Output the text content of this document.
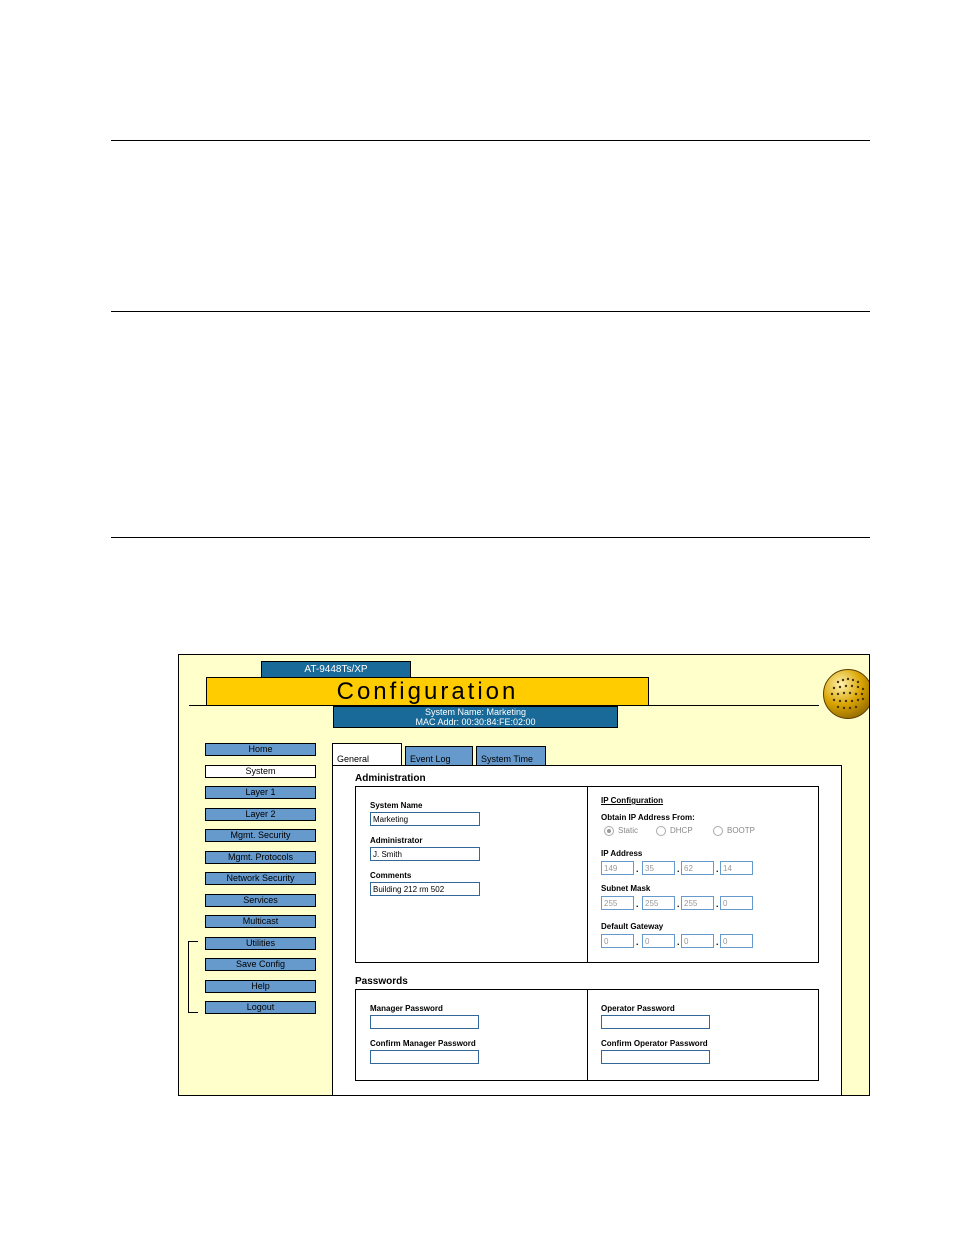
AT-9448Ts/XP
Configuration
System Name: Marketing
MAC Addr: 00:30:84:FE:02:00
Home
System
Layer 1
Layer 2
Mgmt. Security
Mgmt. Protocols
Network Security
Services
Multicast
Utilities
Save Config
Help
Logout
General	Event Log	System Time
Administration
System Name
Marketing
Administrator
J. Smith
Comments
Building 212 rm 502
IP Configuration
Obtain IP Address From:
Static	DHCP	BOOTP
IP Address
149	. 35	. 62	. 14
Subnet Mask
255	. 255	. 255	. 0
Default Gateway
0	. 0	. 0	. 0
Passwords
Manager Password
Confirm Manager Password
Operator Password
Confirm Operator Password
